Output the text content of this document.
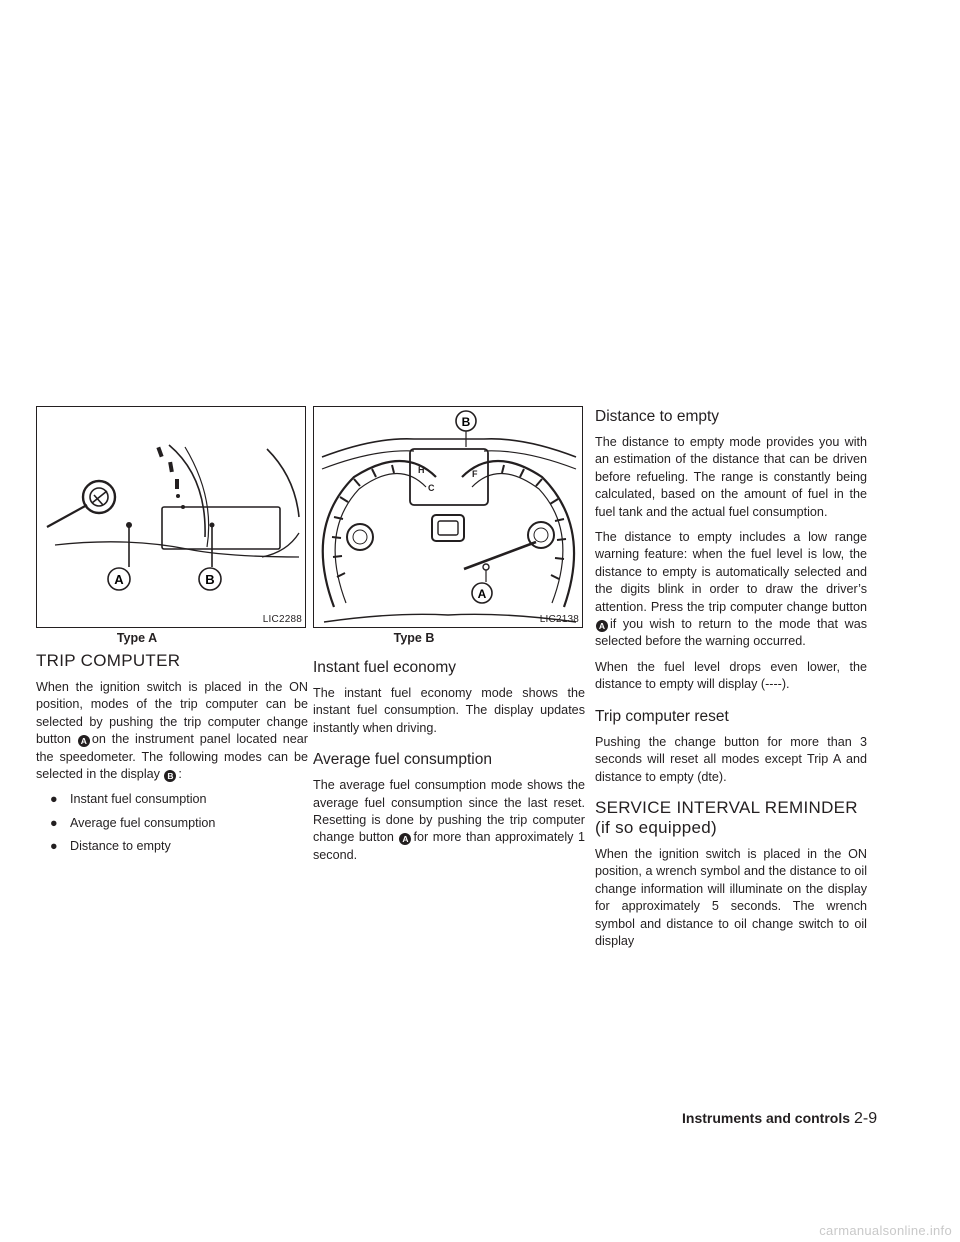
A	B
LIC2288
Type A
TRIP COMPUTER

When the ignition switch is placed in the ON position, modes of the trip computer can be selected by pushing the trip computer change button A on the instrument panel located near the speedometer. The following modes can be selected in the display B :

● Instant fuel consumption
● Average fuel consumption
● Distance to empty
H
C
F
B
A
LIC2138
Type B
Instant fuel economy

The instant fuel economy mode shows the instant fuel consumption. The display updates instantly when driving.

Average fuel consumption

The average fuel consumption mode shows the average fuel consumption since the last reset. Resetting is done by pushing the trip computer change button A for more than approximately 1 second.

Distance to empty

The distance to empty mode provides you with an estimation of the distance that can be driven before refueling. The range is constantly being calculated, based on the amount of fuel in the fuel tank and the actual fuel consumption.

The distance to empty includes a low range warning feature: when the fuel level is low, the distance to empty is automatically selected and the digits blink in order to draw the driver’s attention. Press the trip computer change button A if you wish to return to the mode that was selected before the warning occurred.

When the fuel level drops even lower, the distance to empty will display (----).

Trip computer reset

Pushing the change button for more than 3 seconds will reset all modes except Trip A and distance to empty (dte).

SERVICE INTERVAL REMINDER (if so equipped)

When the ignition switch is placed in the ON position, a wrench symbol and the distance to oil change information will illuminate on the display for approximately 5 seconds. The wrench symbol and distance to oil change switch to oil display

Instruments and controls 2-9
carmanualsonline.info
